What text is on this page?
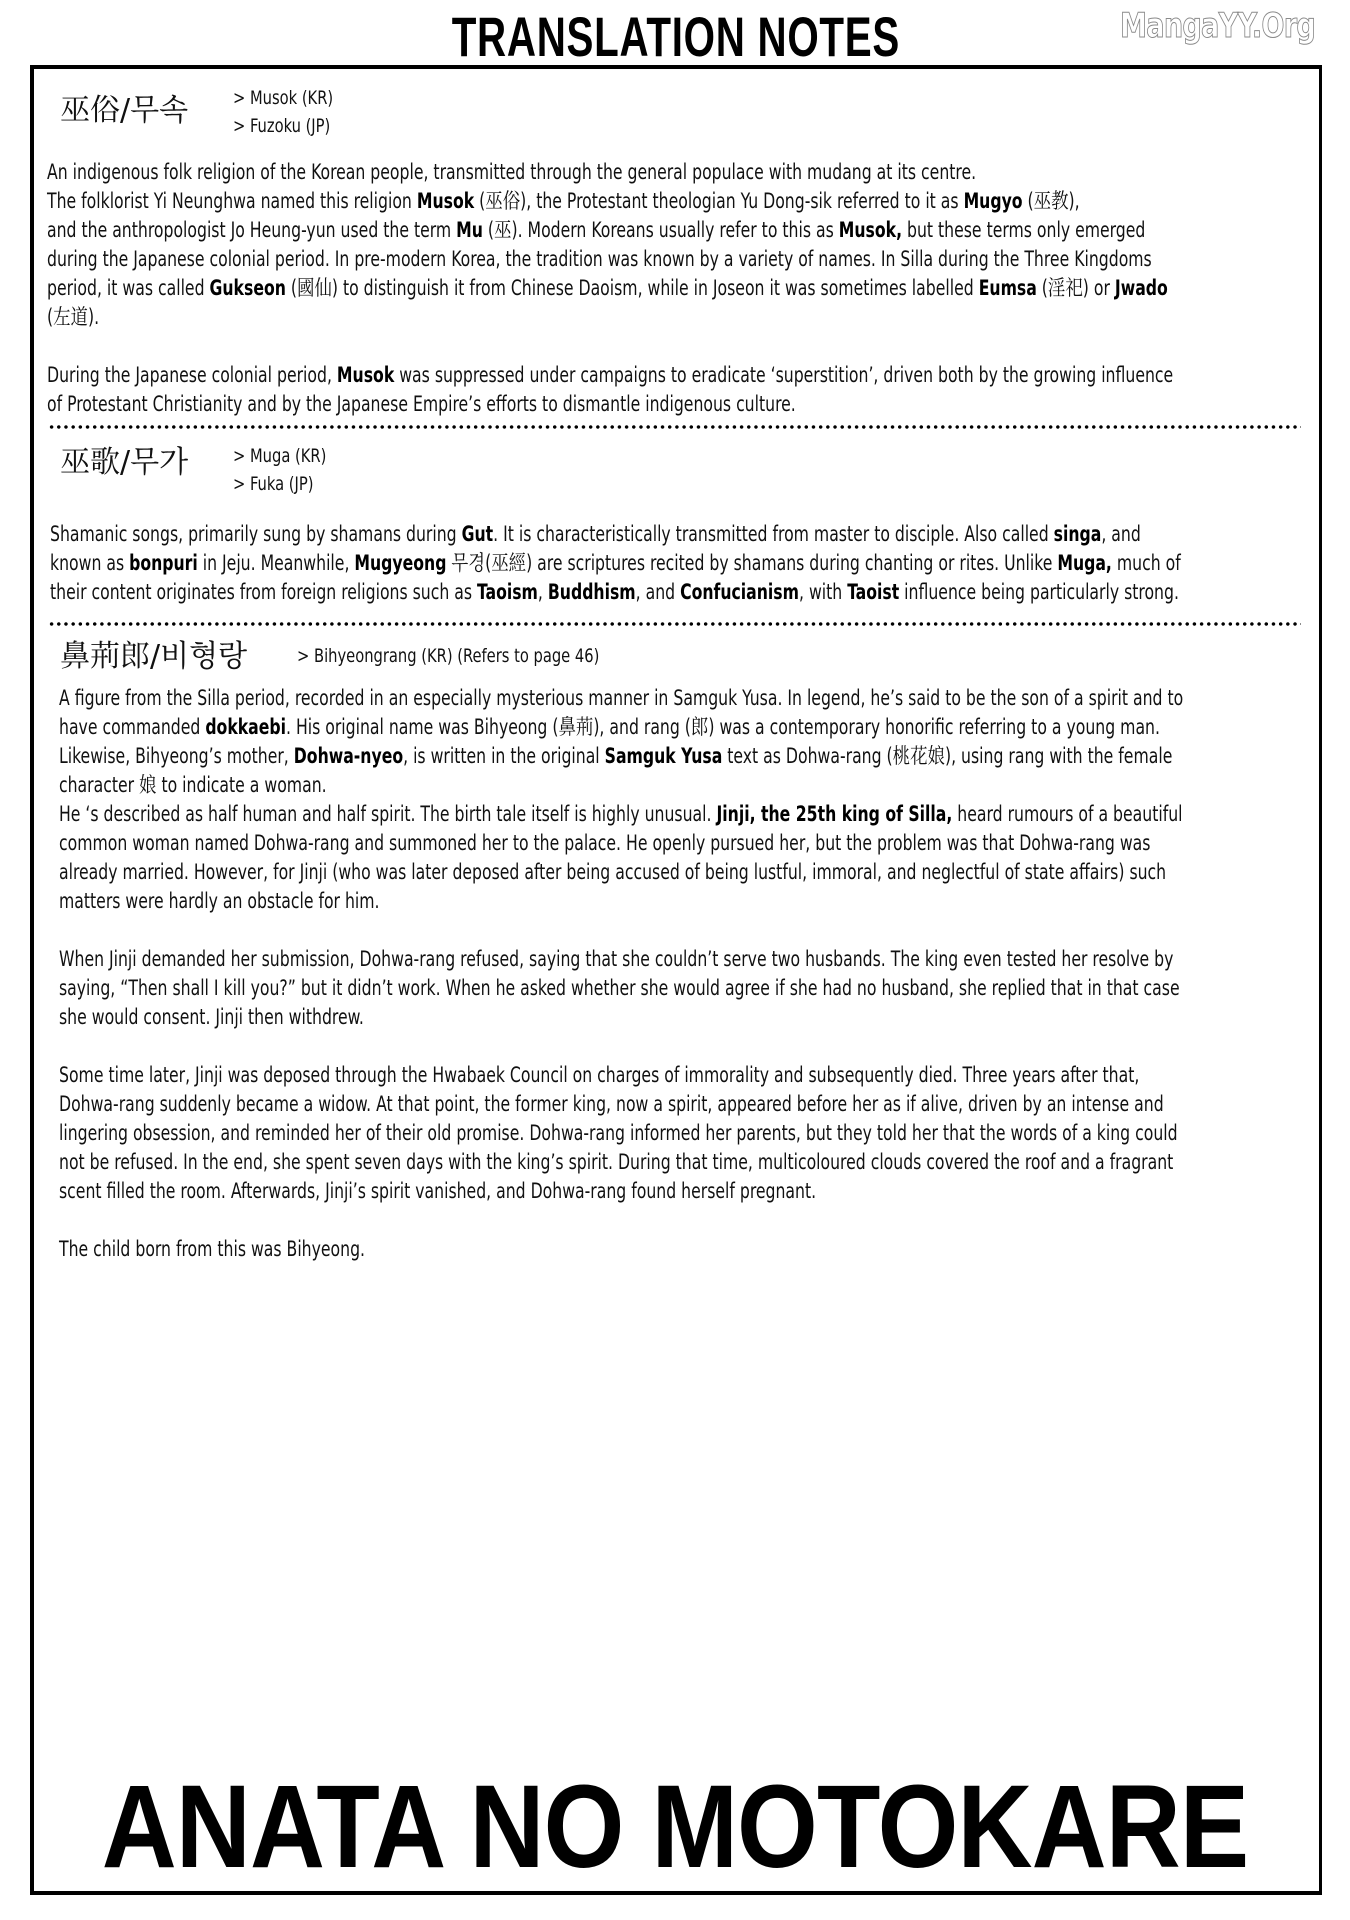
TRANSLATION NOTES	MangaYY.Org
巫俗/무속 > Musok (KR)
> Fuzoku (JP)
巫歌/무가 > Muga (KR)
> Fuka (JP)
鼻荊郎/비형랑	> Bihyeongrang (KR) (Refers to page 46)
ANATA NO MOTOKARE
An indigenous folk religion of the Korean people, transmitted through the general populace with mudang at its centre.
The folklorist Yi Neunghwa named this religion Musok (巫俗), the Protestant theologian Yu Dong-sik referred to it as Mugyo (巫教),
and the anthropologist Jo Heung-yun used the term Mu (巫). Modern Koreans usually refer to this as Musok, but these terms only emerged
during the Japanese colonial period. In pre-modern Korea, the tradition was known by a variety of names. In Silla during the Three Kingdoms
period, it was called Gukseon (國仙) to distinguish it from Chinese Daoism, while in Joseon it was sometimes labelled Eumsa (淫祀) or Jwado
(左道).
During the Japanese colonial period, Musok was suppressed under campaigns to eradicate ‘superstition’, driven both by the growing influence
of Protestant Christianity and by the Japanese Empire’s efforts to dismantle indigenous culture.
Shamanic songs, primarily sung by shamans during Gut. It is characteristically transmitted from master to disciple. Also called singa, and
known as bonpuri in Jeju. Meanwhile, Mugyeong 무경(巫經) are scriptures recited by shamans during chanting or rites. Unlike Muga, much of
their content originates from foreign religions such as Taoism, Buddhism, and Confucianism, with Taoist influence being particularly strong.
A figure from the Silla period, recorded in an especially mysterious manner in Samguk Yusa. In legend, he’s said to be the son of a spirit and to
have commanded dokkaebi. His original name was Bihyeong (鼻荊), and rang (郎) was a contemporary honorific referring to a young man.
Likewise, Bihyeong’s mother, Dohwa-nyeo, is written in the original Samguk Yusa text as Dohwa-rang (桃花娘), using rang with the female
character 娘 to indicate a woman.
He ‘s described as half human and half spirit. The birth tale itself is highly unusual. Jinji, the 25th king of Silla, heard rumours of a beautiful
common woman named Dohwa-rang and summoned her to the palace. He openly pursued her, but the problem was that Dohwa-rang was
already married. However, for Jinji (who was later deposed after being accused of being lustful, immoral, and neglectful of state affairs) such
matters were hardly an obstacle for him.
When Jinji demanded her submission, Dohwa-rang refused, saying that she couldn’t serve two husbands. The king even tested her resolve by
saying, “Then shall I kill you?” but it didn’t work. When he asked whether she would agree if she had no husband, she replied that in that case
she would consent. Jinji then withdrew.
Some time later, Jinji was deposed through the Hwabaek Council on charges of immorality and subsequently died. Three years after that,
Dohwa-rang suddenly became a widow. At that point, the former king, now a spirit, appeared before her as if alive, driven by an intense and
lingering obsession, and reminded her of their old promise. Dohwa-rang informed her parents, but they told her that the words of a king could
not be refused. In the end, she spent seven days with the king’s spirit. During that time, multicoloured clouds covered the roof and a fragrant
scent filled the room. Afterwards, Jinji’s spirit vanished, and Dohwa-rang found herself pregnant.
The child born from this was Bihyeong.
